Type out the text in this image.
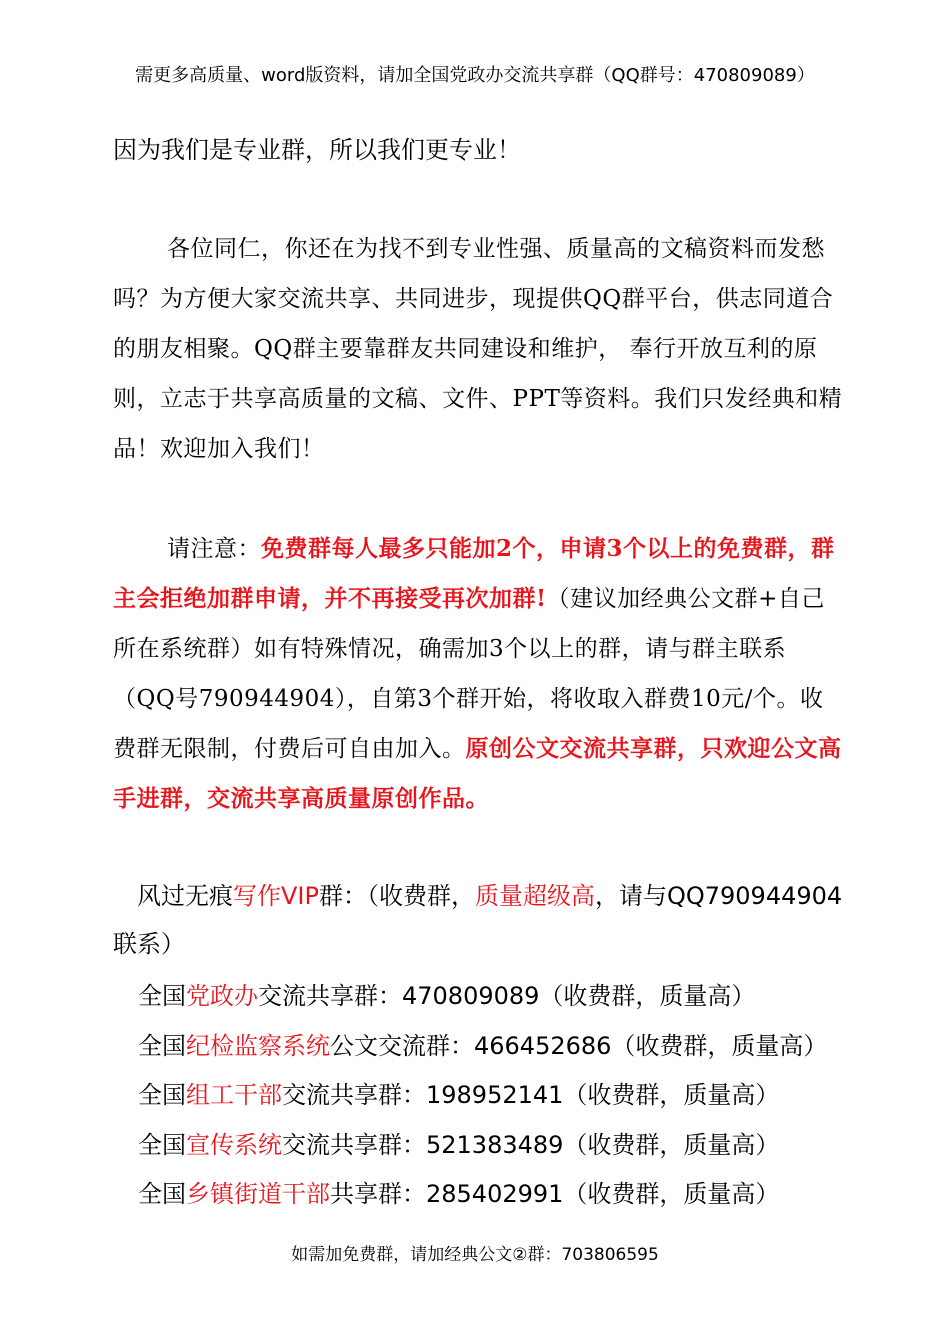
需更多高质量、word版资料，请加全国党政办交流共享群（QQ群号：470809089）
因为我们是专业群，所以我们更专业！
各位同仁，你还在为找不到专业性强、质量高的文稿资料而发愁吗？为方便大家交流共享、共同进步，现提供QQ群平台，供志同道合的朋友相聚。QQ群主要靠群友共同建设和维护， 奉行开放互利的原则，立志于共享高质量的文稿、文件、PPT等资料。我们只发经典和精品！欢迎加入我们！
请注意：免费群每人最多只能加2个，申请3个以上的免费群，群主会拒绝加群申请，并不再接受再次加群!（建议加经典公文群+自己所在系统群）如有特殊情况，确需加3个以上的群，请与群主联系（QQ号790944904），自第3个群开始，将收取入群费10元/个。收费群无限制，付费后可自由加入。原创公文交流共享群，只欢迎公文高手进群，交流共享高质量原创作品。
风过无痕写作VIP群：（收费群，质量超级高，请与QQ790944904联系）
全国党政办交流共享群：470809089（收费群，质量高）
全国纪检监察系统公文交流群：466452686（收费群，质量高）
全国组工干部交流共享群：198952141（收费群，质量高）
全国宣传系统交流共享群：521383489（收费群，质量高）
全国乡镇街道干部共享群：285402991（收费群，质量高）
如需加免费群，请加经典公文②群：703806595
